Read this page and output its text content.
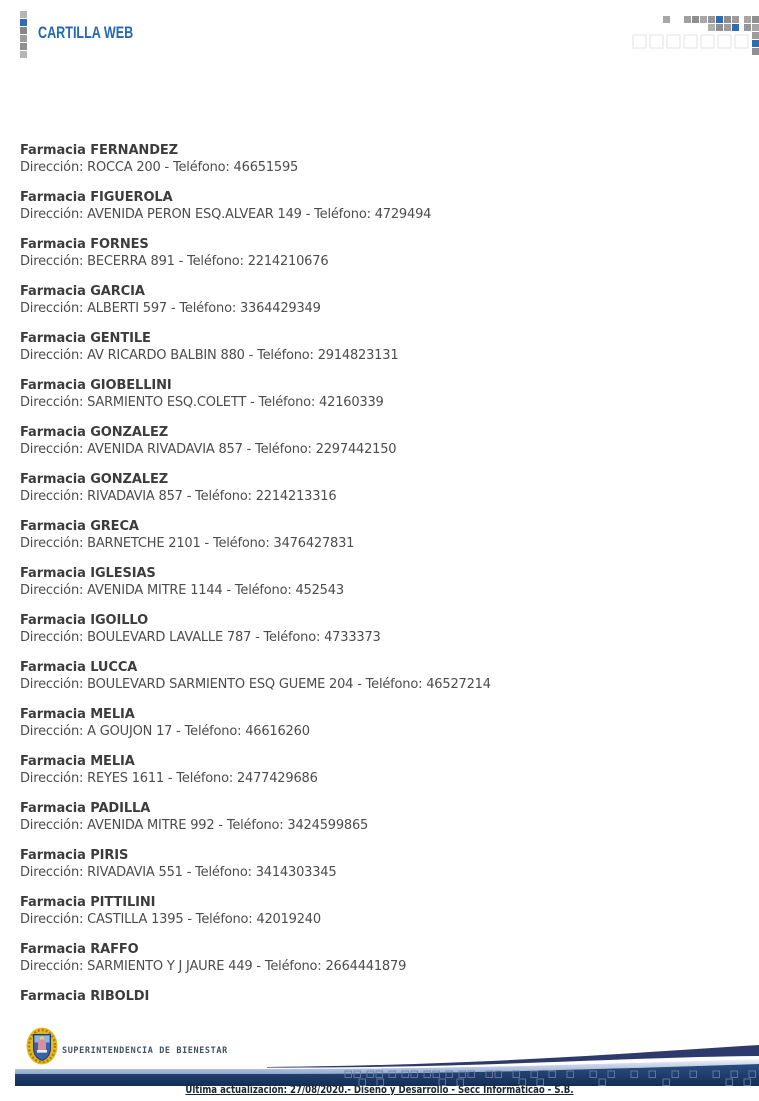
CARTILLA WEB
Farmacia FERNANDEZ
Dirección: ROCCA 200 - Teléfono: 46651595
Farmacia FIGUEROLA
Dirección: AVENIDA PERON ESQ.ALVEAR 149 - Teléfono: 4729494
Farmacia FORNES
Dirección: BECERRA 891 - Teléfono: 2214210676
Farmacia GARCIA
Dirección: ALBERTI 597 - Teléfono: 3364429349
Farmacia GENTILE
Dirección: AV RICARDO BALBIN 880 - Teléfono: 2914823131
Farmacia GIOBELLINI
Dirección: SARMIENTO ESQ.COLETT - Teléfono: 42160339
Farmacia GONZALEZ
Dirección: AVENIDA RIVADAVIA 857 - Teléfono: 2297442150
Farmacia GONZALEZ
Dirección: RIVADAVIA 857 - Teléfono: 2214213316
Farmacia GRECA
Dirección: BARNETCHE 2101 - Teléfono: 3476427831
Farmacia IGLESIAS
Dirección: AVENIDA MITRE 1144 - Teléfono: 452543
Farmacia IGOILLO
Dirección: BOULEVARD LAVALLE 787 - Teléfono: 4733373
Farmacia LUCCA
Dirección: BOULEVARD SARMIENTO ESQ GUEME 204 - Teléfono: 46527214
Farmacia MELIA
Dirección: A GOUJON 17 - Teléfono: 46616260
Farmacia MELIA
Dirección: REYES 1611 - Teléfono: 2477429686
Farmacia PADILLA
Dirección: AVENIDA MITRE 992 - Teléfono: 3424599865
Farmacia PIRIS
Dirección: RIVADAVIA 551 - Teléfono: 3414303345
Farmacia PITTILINI
Dirección: CASTILLA 1395 - Teléfono: 42019240
Farmacia RAFFO
Dirección: SARMIENTO Y J JAURE 449 - Teléfono: 2664441879
Farmacia RIBOLDI
SUPERINTENDENCIA DE BIENESTAR
Última actualización: 27/08/2020.- Diseño y Desarrollo - Secc Informáticao - S.B.
